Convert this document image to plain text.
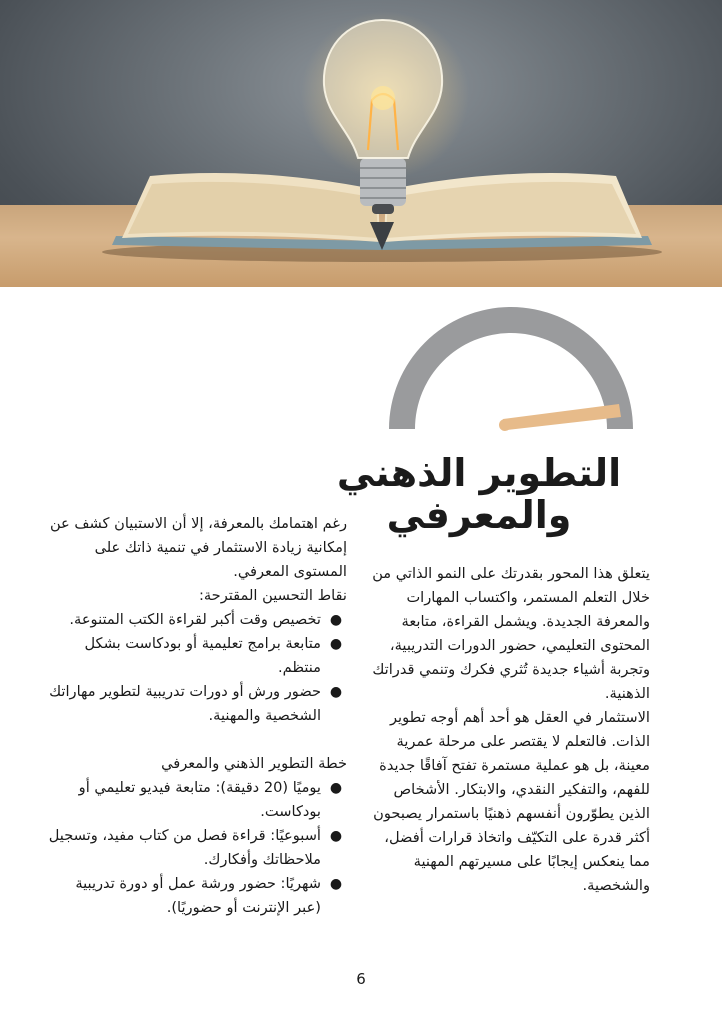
التطوير الذهني
والمعرفي

يتعلق هذا المحور بقدرتك على النمو الذاتي من خلال التعلم المستمر، واكتساب المهارات والمعرفة الجديدة. ويشمل القراءة، متابعة المحتوى التعليمي، حضور الدورات التدريبية، وتجربة أشياء جديدة تُثري فكرك وتنمي قدراتك الذهنية.

الاستثمار في العقل هو أحد أهم أوجه تطوير الذات. فالتعلم لا يقتصر على مرحلة عمرية معينة، بل هو عملية مستمرة تفتح آفاقًا جديدة للفهم، والتفكير النقدي، والابتكار. الأشخاص الذين يطوّرون أنفسهم ذهنيًا باستمرار يصبحون أكثر قدرة على التكيّف واتخاذ قرارات أفضل، مما ينعكس إيجابًا على مسيرتهم المهنية والشخصية.

رغم اهتمامك بالمعرفة، إلا أن الاستبيان كشف عن إمكانية زيادة الاستثمار في تنمية ذاتك على المستوى المعرفي.

نقاط التحسين المقترحة:

●
تخصيص وقت أكبر لقراءة الكتب المتنوعة.
●
متابعة برامج تعليمية أو بودكاست بشكل منتظم.
●
حضور ورش أو دورات تدريبية لتطوير مهاراتك الشخصية والمهنية.

خطة التطوير الذهني والمعرفي

●
يوميًا (20 دقيقة): متابعة فيديو تعليمي أو بودكاست.
●
أسبوعيًا: قراءة فصل من كتاب مفيد، وتسجيل ملاحظاتك وأفكارك.
●
شهريًا: حضور ورشة عمل أو دورة تدريبية (عبر الإنترنت أو حضوريًا).
6
